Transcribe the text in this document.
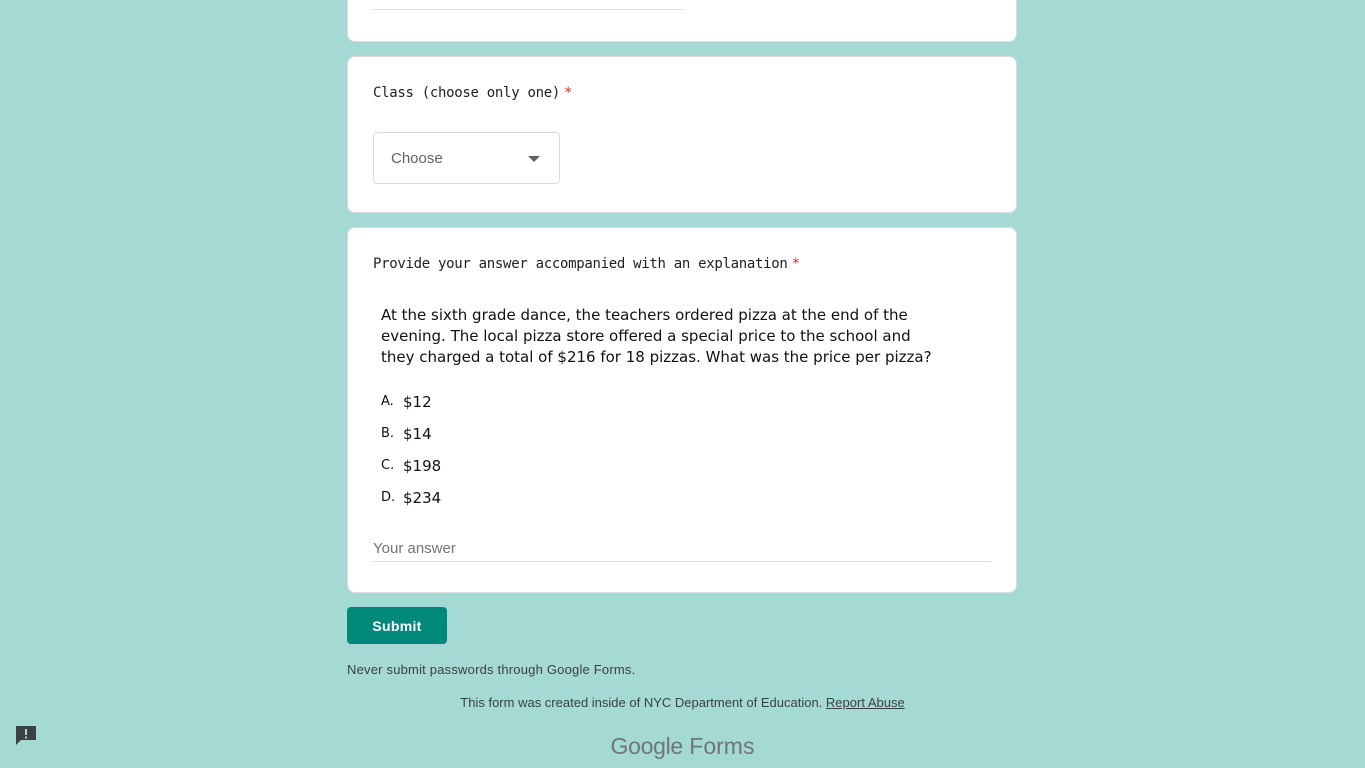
Class (choose only one) *
Choose
Provide your answer accompanied with an explanation *
At the sixth grade dance, the teachers ordered pizza at the end of the evening. The local pizza store offered a special price to the school and they charged a total of $216 for 18 pizzas. What was the price per pizza?
A. $12
B. $14
C. $198
D. $234
Your answer
Submit
Never submit passwords through Google Forms.
This form was created inside of NYC Department of Education. Report Abuse
Google Forms
